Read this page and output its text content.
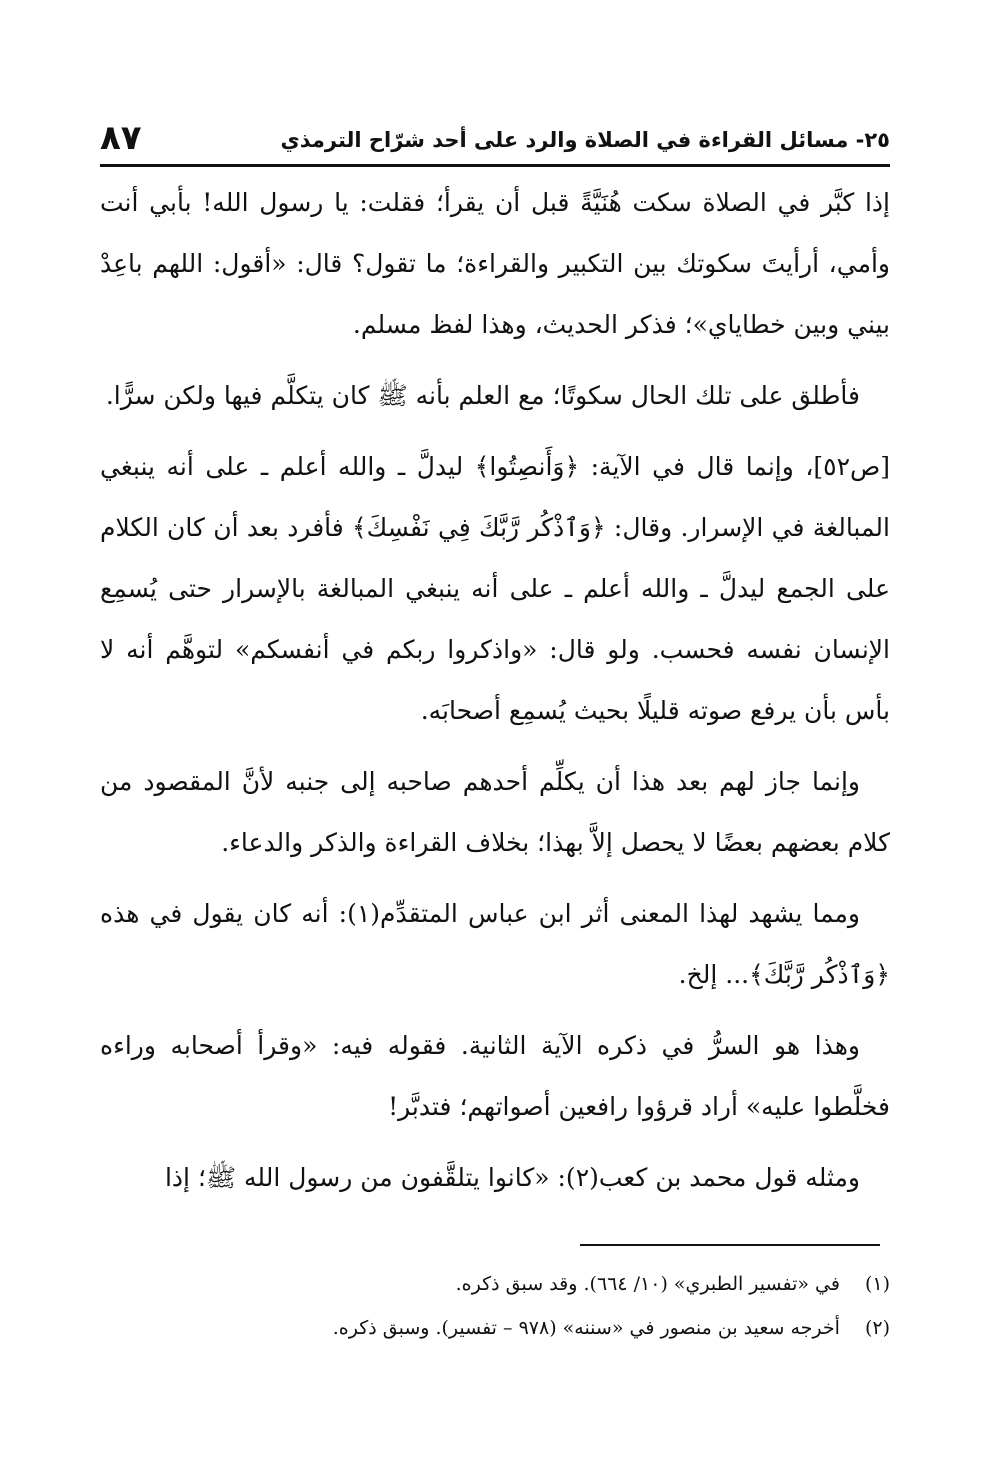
٢٥- مسائل القراءة في الصلاة والرد على أحد شرّاح الترمذي
٨٧

إذا كبَّر في الصلاة سكت هُنَيَّةً قبل أن يقرأ؛ فقلت: يا رسول الله! بأبي أنت وأمي، أرأيتَ سكوتك بين التكبير والقراءة؛ ما تقول؟ قال: «أقول: اللهم باعِدْ بيني وبين خطاياي»؛ فذكر الحديث، وهذا لفظ مسلم.

فأطلق على تلك الحال سكوتًا؛ مع العلم بأنه ﷺ كان يتكلَّم فيها ولكن سرًّا.

[ص٥٢]، وإنما قال في الآية: ﴿وَأَنصِتُوا﴾ ليدلَّ ـ والله أعلم ـ على أنه ينبغي المبالغة في الإسرار. وقال: ﴿وَٱذْكُر رَّبَّكَ فِي نَفْسِكَ﴾ فأفرد بعد أن كان الكلام على الجمع ليدلَّ ـ والله أعلم ـ على أنه ينبغي المبالغة بالإسرار حتى يُسمِع الإنسان نفسه فحسب. ولو قال: «واذكروا ربكم في أنفسكم» لتوهَّم أنه لا بأس بأن يرفع صوته قليلًا بحيث يُسمِع أصحابَه.

وإنما جاز لهم بعد هذا أن يكلِّم أحدهم صاحبه إلى جنبه لأنَّ المقصود من كلام بعضهم بعضًا لا يحصل إلاَّ بهذا؛ بخلاف القراءة والذكر والدعاء.

ومما يشهد لهذا المعنى أثر ابن عباس المتقدِّم(١): أنه كان يقول في هذه ﴿وَٱذْكُر رَّبَّكَ﴾... إلخ.

وهذا هو السرُّ في ذكره الآية الثانية. فقوله فيه: «وقرأ أصحابه وراءه فخلَّطوا عليه» أراد قرؤوا رافعين أصواتهم؛ فتدبَّر!

ومثله قول محمد بن كعب(٢): «كانوا يتلقَّفون من رسول الله ﷺ؛ إذا

(١) في «تفسير الطبري» (١٠/ ٦٦٤). وقد سبق ذكره.
(٢) أخرجه سعيد بن منصور في «سننه» (٩٧٨ – تفسير). وسبق ذكره.
